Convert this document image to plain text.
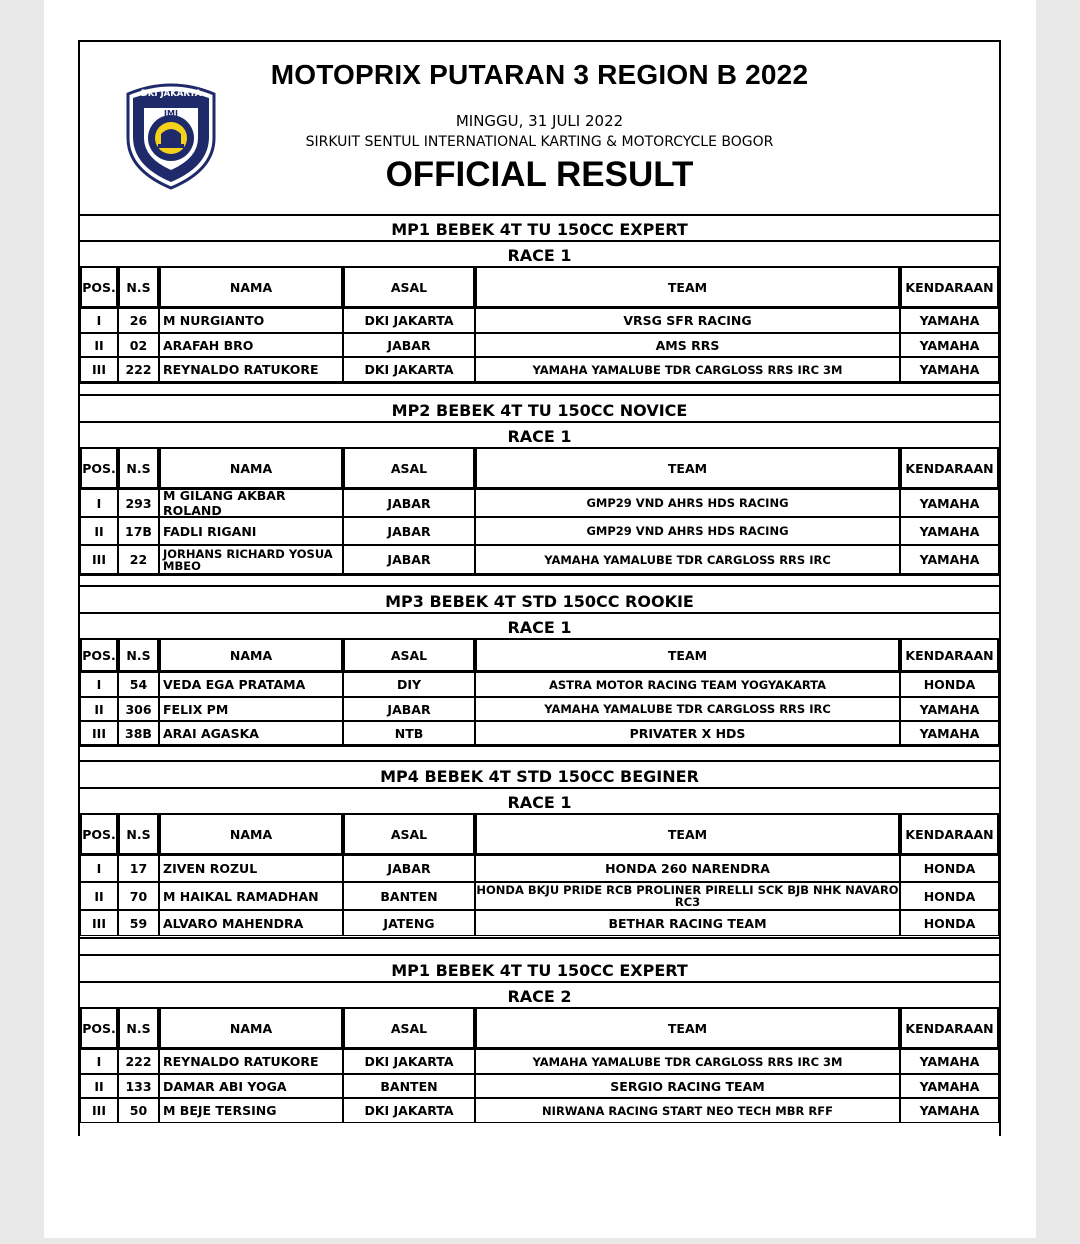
DKI JAKARTA
IMI
MOTOPRIX PUTARAN 3 REGION B 2022
MINGGU, 31 JULI 2022
SIRKUIT SENTUL INTERNATIONAL KARTING & MOTORCYCLE BOGOR
OFFICIAL RESULT
MP1 BEBEK 4T TU 150CC EXPERT
RACE 1
POS. N.S	NAMA	ASAL	TEAM	KENDARAAN
I	26	M NURGIANTO	DKI JAKARTA	VRSG SFR RACING	YAMAHA
II	02	ARAFAH BRO	JABAR	AMS RRS	YAMAHA
III	222 REYNALDO RATUKORE	DKI JAKARTA	YAMAHA YAMALUBE TDR CARGLOSS RRS IRC 3M	YAMAHA
MP2 BEBEK 4T TU 150CC NOVICE
RACE 1
POS. N.S	NAMA	ASAL	TEAM	KENDARAAN
I	293 M GILANG AKBAR ROLAND	JABAR	GMP29 VND AHRS HDS RACING	YAMAHA
II	17B FADLI RIGANI	JABAR	GMP29 VND AHRS HDS RACING	YAMAHA
III	22	JORHANS RICHARD YOSUA MBEO	JABAR	YAMAHA YAMALUBE TDR CARGLOSS RRS IRC	YAMAHA
MP3 BEBEK 4T STD 150CC ROOKIE
RACE 1
POS. N.S	NAMA	ASAL	TEAM	KENDARAAN
I	54	VEDA EGA PRATAMA	DIY	ASTRA MOTOR RACING TEAM YOGYAKARTA	HONDA
II	306 FELIX PM	JABAR	YAMAHA YAMALUBE TDR CARGLOSS RRS IRC	YAMAHA
III	38B ARAI AGASKA	NTB	PRIVATER X HDS	YAMAHA
MP4 BEBEK 4T STD 150CC BEGINER
RACE 1
POS. N.S	NAMA	ASAL	TEAM	KENDARAAN
I	17	ZIVEN ROZUL	JABAR	HONDA 260 NARENDRA	HONDA
II	70	M HAIKAL RAMADHAN	BANTEN	HONDA BKJU PRIDE RCB PROLINER PIRELLI SCK BJB NHK NAVARO RC3	HONDA
III	59	ALVARO MAHENDRA	JATENG	BETHAR RACING TEAM	HONDA
MP1 BEBEK 4T TU 150CC EXPERT
RACE 2
POS. N.S	NAMA	ASAL	TEAM	KENDARAAN
I	222 REYNALDO RATUKORE	DKI JAKARTA	YAMAHA YAMALUBE TDR CARGLOSS RRS IRC 3M	YAMAHA
II	133 DAMAR ABI YOGA	BANTEN	SERGIO RACING TEAM	YAMAHA
III	50	M BEJE TERSING	DKI JAKARTA	NIRWANA RACING START NEO TECH MBR RFF	YAMAHA
